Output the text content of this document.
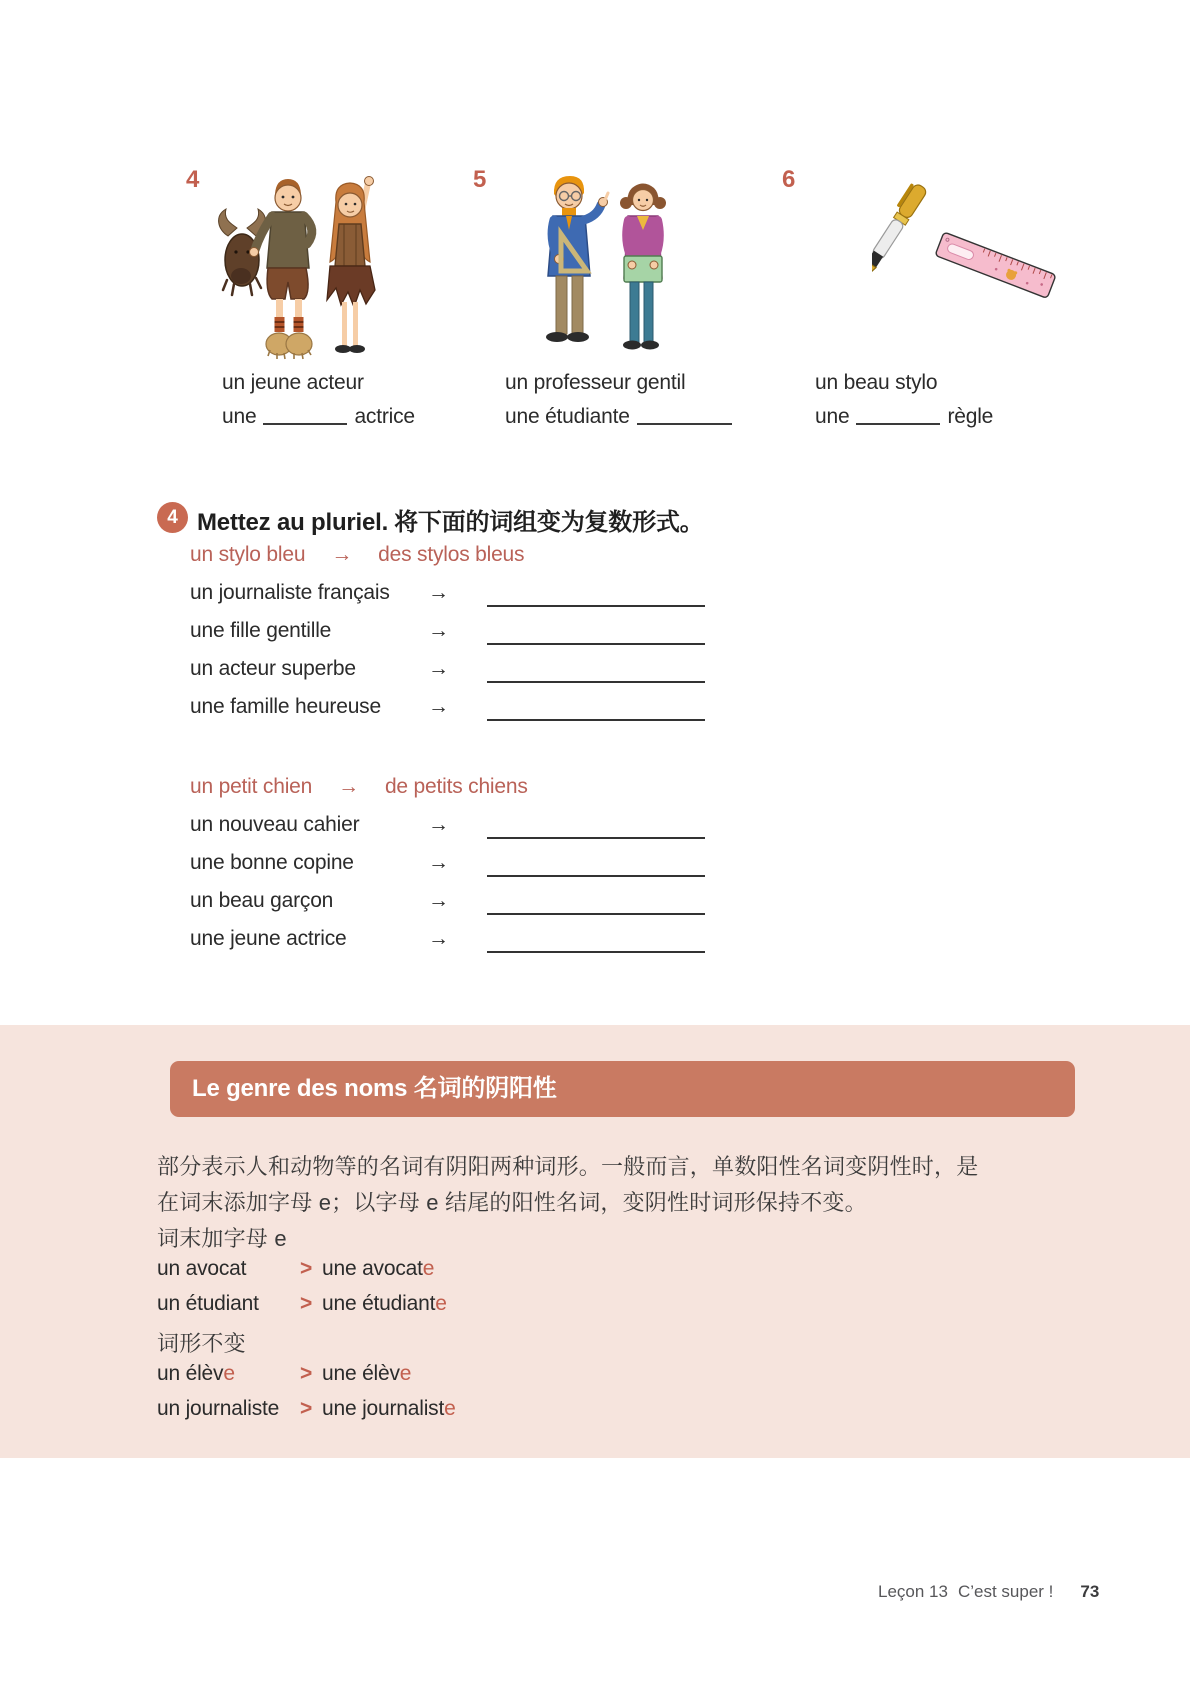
4
un jeune acteur
une	actrice
5
un professeur gentil
une étudiante
6
un beau stylo
une	règle
4 Mettez au pluriel. 将下面的词组变为复数形式。
un stylo bleu → des stylos bleus
un journaliste français →
une fille gentille	→
un acteur superbe	→
une famille heureuse →
un petit chien → de petits chiens
un nouveau cahier	→
une bonne copine	→
un beau garçon	→
une jeune actrice	→
Le genre des noms 名词的阴阳性

部分表示人和动物等的名词有阴阳两种词形。一般而言，单数阳性名词变阴性时，是

在词末添加字母 e；以字母 e 结尾的阳性名词，变阴性时词形保持不变。

词末加字母 e

un avocat	> une avocate
un étudiant > une étudiante

词形不变

un élève	> une élève
un journaliste > une journaliste
Leçon 13 C’est super ! 73
